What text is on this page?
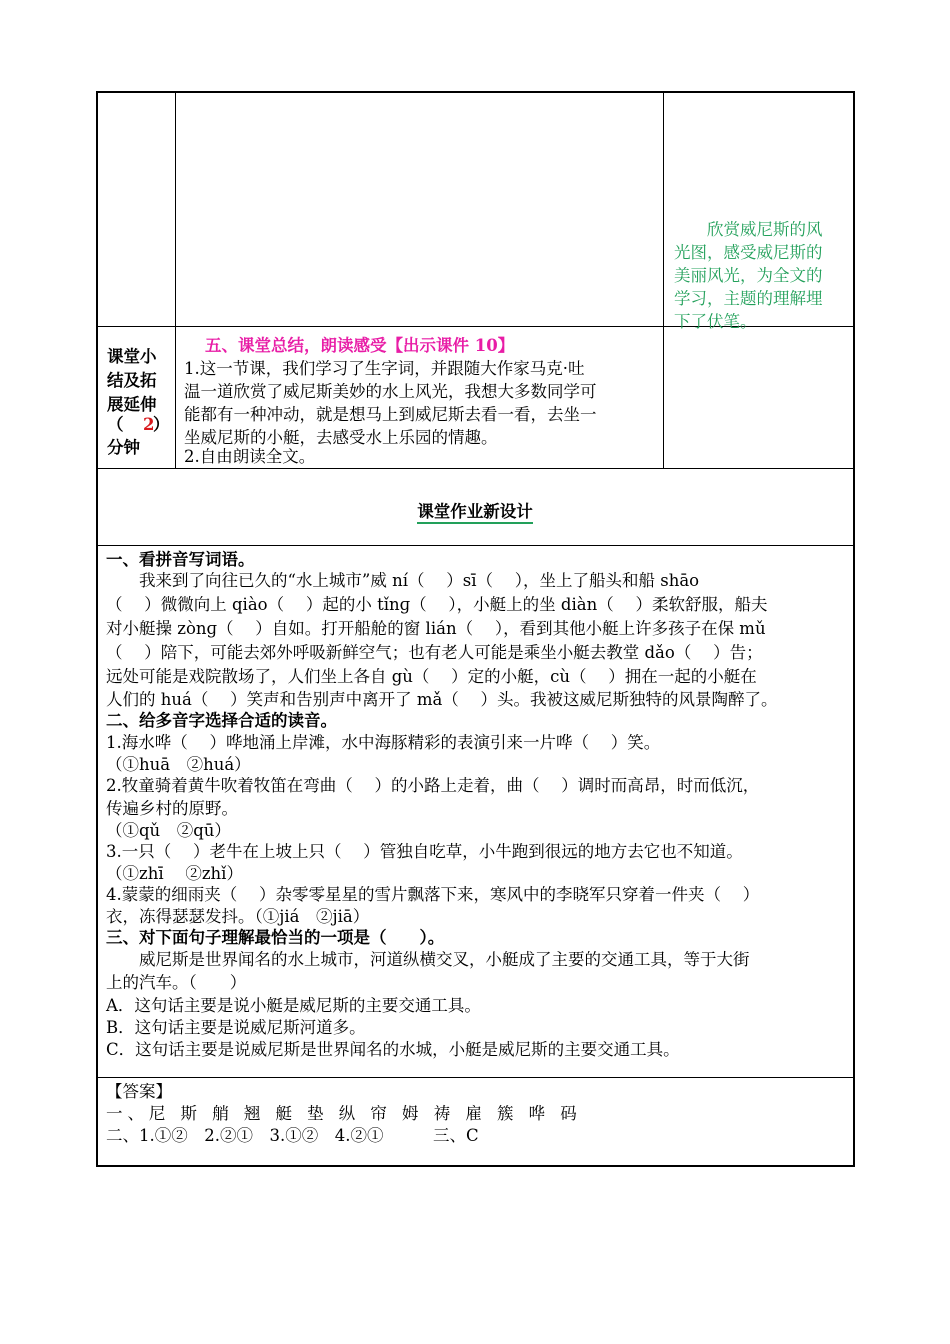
欣赏威尼斯的风
光图，感受威尼斯的
美丽风光，为全文的
学习，主题的理解埋
下了伏笔。
课堂小
结及拓
展延伸
（ 2
）
分钟
五、课堂总结，朗读感受【出示课件 10】
1.这一节课，我们学习了生字词，并跟随大作家马克·吐
温一道欣赏了威尼斯美妙的水上风光，我想大多数同学可
能都有一种冲动，就是想马上到威尼斯去看一看，去坐一
坐威尼斯的小艇，去感受水上乐园的情趣。
2.自由朗读全文。
课堂作业新设计
一、看拼音写词语。
我来到了向往已久的“水上城市”威 ní（　 ）sī（　 ），坐上了船头和船 shāo
（　 ）微微向上 qiào（　 ）起的小 tǐnɡ（　 ），小艇上的坐 diàn（　 ）柔软舒服，船夫
对小艇操 zònɡ（　 ）自如。打开船舱的窗 lián（　 ），看到其他小艇上许多孩子在保 mǔ
（　 ）陪下，可能去郊外呼吸新鲜空气；也有老人可能是乘坐小艇去教堂 dǎo（　 ）告；
远处可能是戏院散场了，人们坐上各自 gù（　 ）定的小艇，cù（　 ）拥在一起的小艇在
人们的 huá（　 ）笑声和告别声中离开了 mǎ（　 ）头。我被这威尼斯独特的风景陶醉了。
二、给多音字选择合适的读音。
1.海水哗（　 ）哗地涌上岸滩，水中海豚精彩的表演引来一片哗（　 ）笑。
（①huā　②huá）
2.牧童骑着黄牛吹着牧笛在弯曲（　 ）的小路上走着，曲（　 ）调时而高昂，时而低沉，
传遍乡村的原野。
（①qǔ　②qū）
3.一只（　 ）老牛在上坡上只（　 ）管独自吃草，小牛跑到很远的地方去它也不知道。
（①zhī　 ②zhǐ）
4.蒙蒙的细雨夹（　 ）杂零零星星的雪片飘落下来，寒风中的李晓军只穿着一件夹（　 ）
衣，冻得瑟瑟发抖。（①jiá　②jiā）
三、对下面句子理解最恰当的一项是（　　）。
威尼斯是世界闻名的水上城市，河道纵横交叉，小艇成了主要的交通工具，等于大街
上的汽车。（　　）
A．这句话主要是说小艇是威尼斯的主要交通工具。
B．这句话主要是说威尼斯河道多。
C．这句话主要是说威尼斯是世界闻名的水城，小艇是威尼斯的主要交通工具。
【答案】
一、尼 斯 艄 翘 艇 垫 纵 帘 姆 祷 雇 簇 哗 码
二、1.①②　2.②①　3.①②　4.②①　　　三、C
